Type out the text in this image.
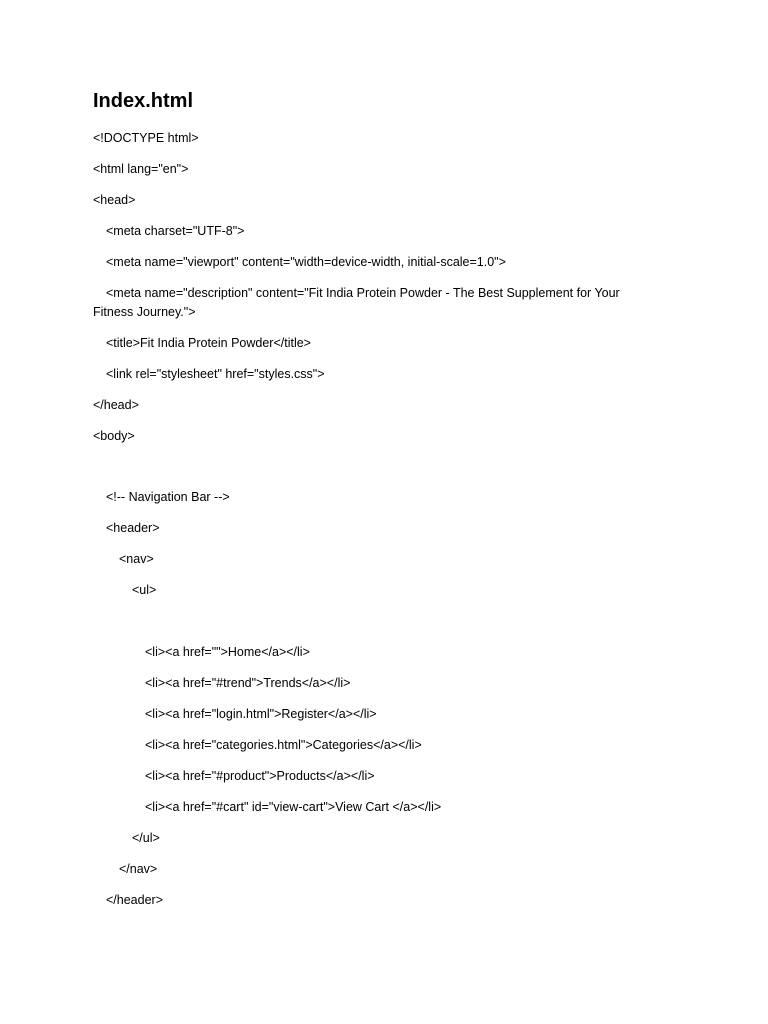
Index.html

<!DOCTYPE html>

<html lang="en">

<head>

<meta charset="UTF-8">

<meta name="viewport" content="width=device-width, initial-scale=1.0">

<meta name="description" content="Fit India Protein Powder - The Best Supplement for Your Fitness Journey.">

<title>Fit India Protein Powder</title>

<link rel="stylesheet" href="styles.css">

</head>

<body>

<!-- Navigation Bar -->

<header>

<nav>

<ul>

<li><a href="">Home</a></li>

<li><a href="#trend">Trends</a></li>

<li><a href="login.html">Register</a></li>

<li><a href="categories.html">Categories</a></li>

<li><a href="#product">Products</a></li>

<li><a href="#cart" id="view-cart">View Cart </a></li>

</ul>

</nav>

</header>
